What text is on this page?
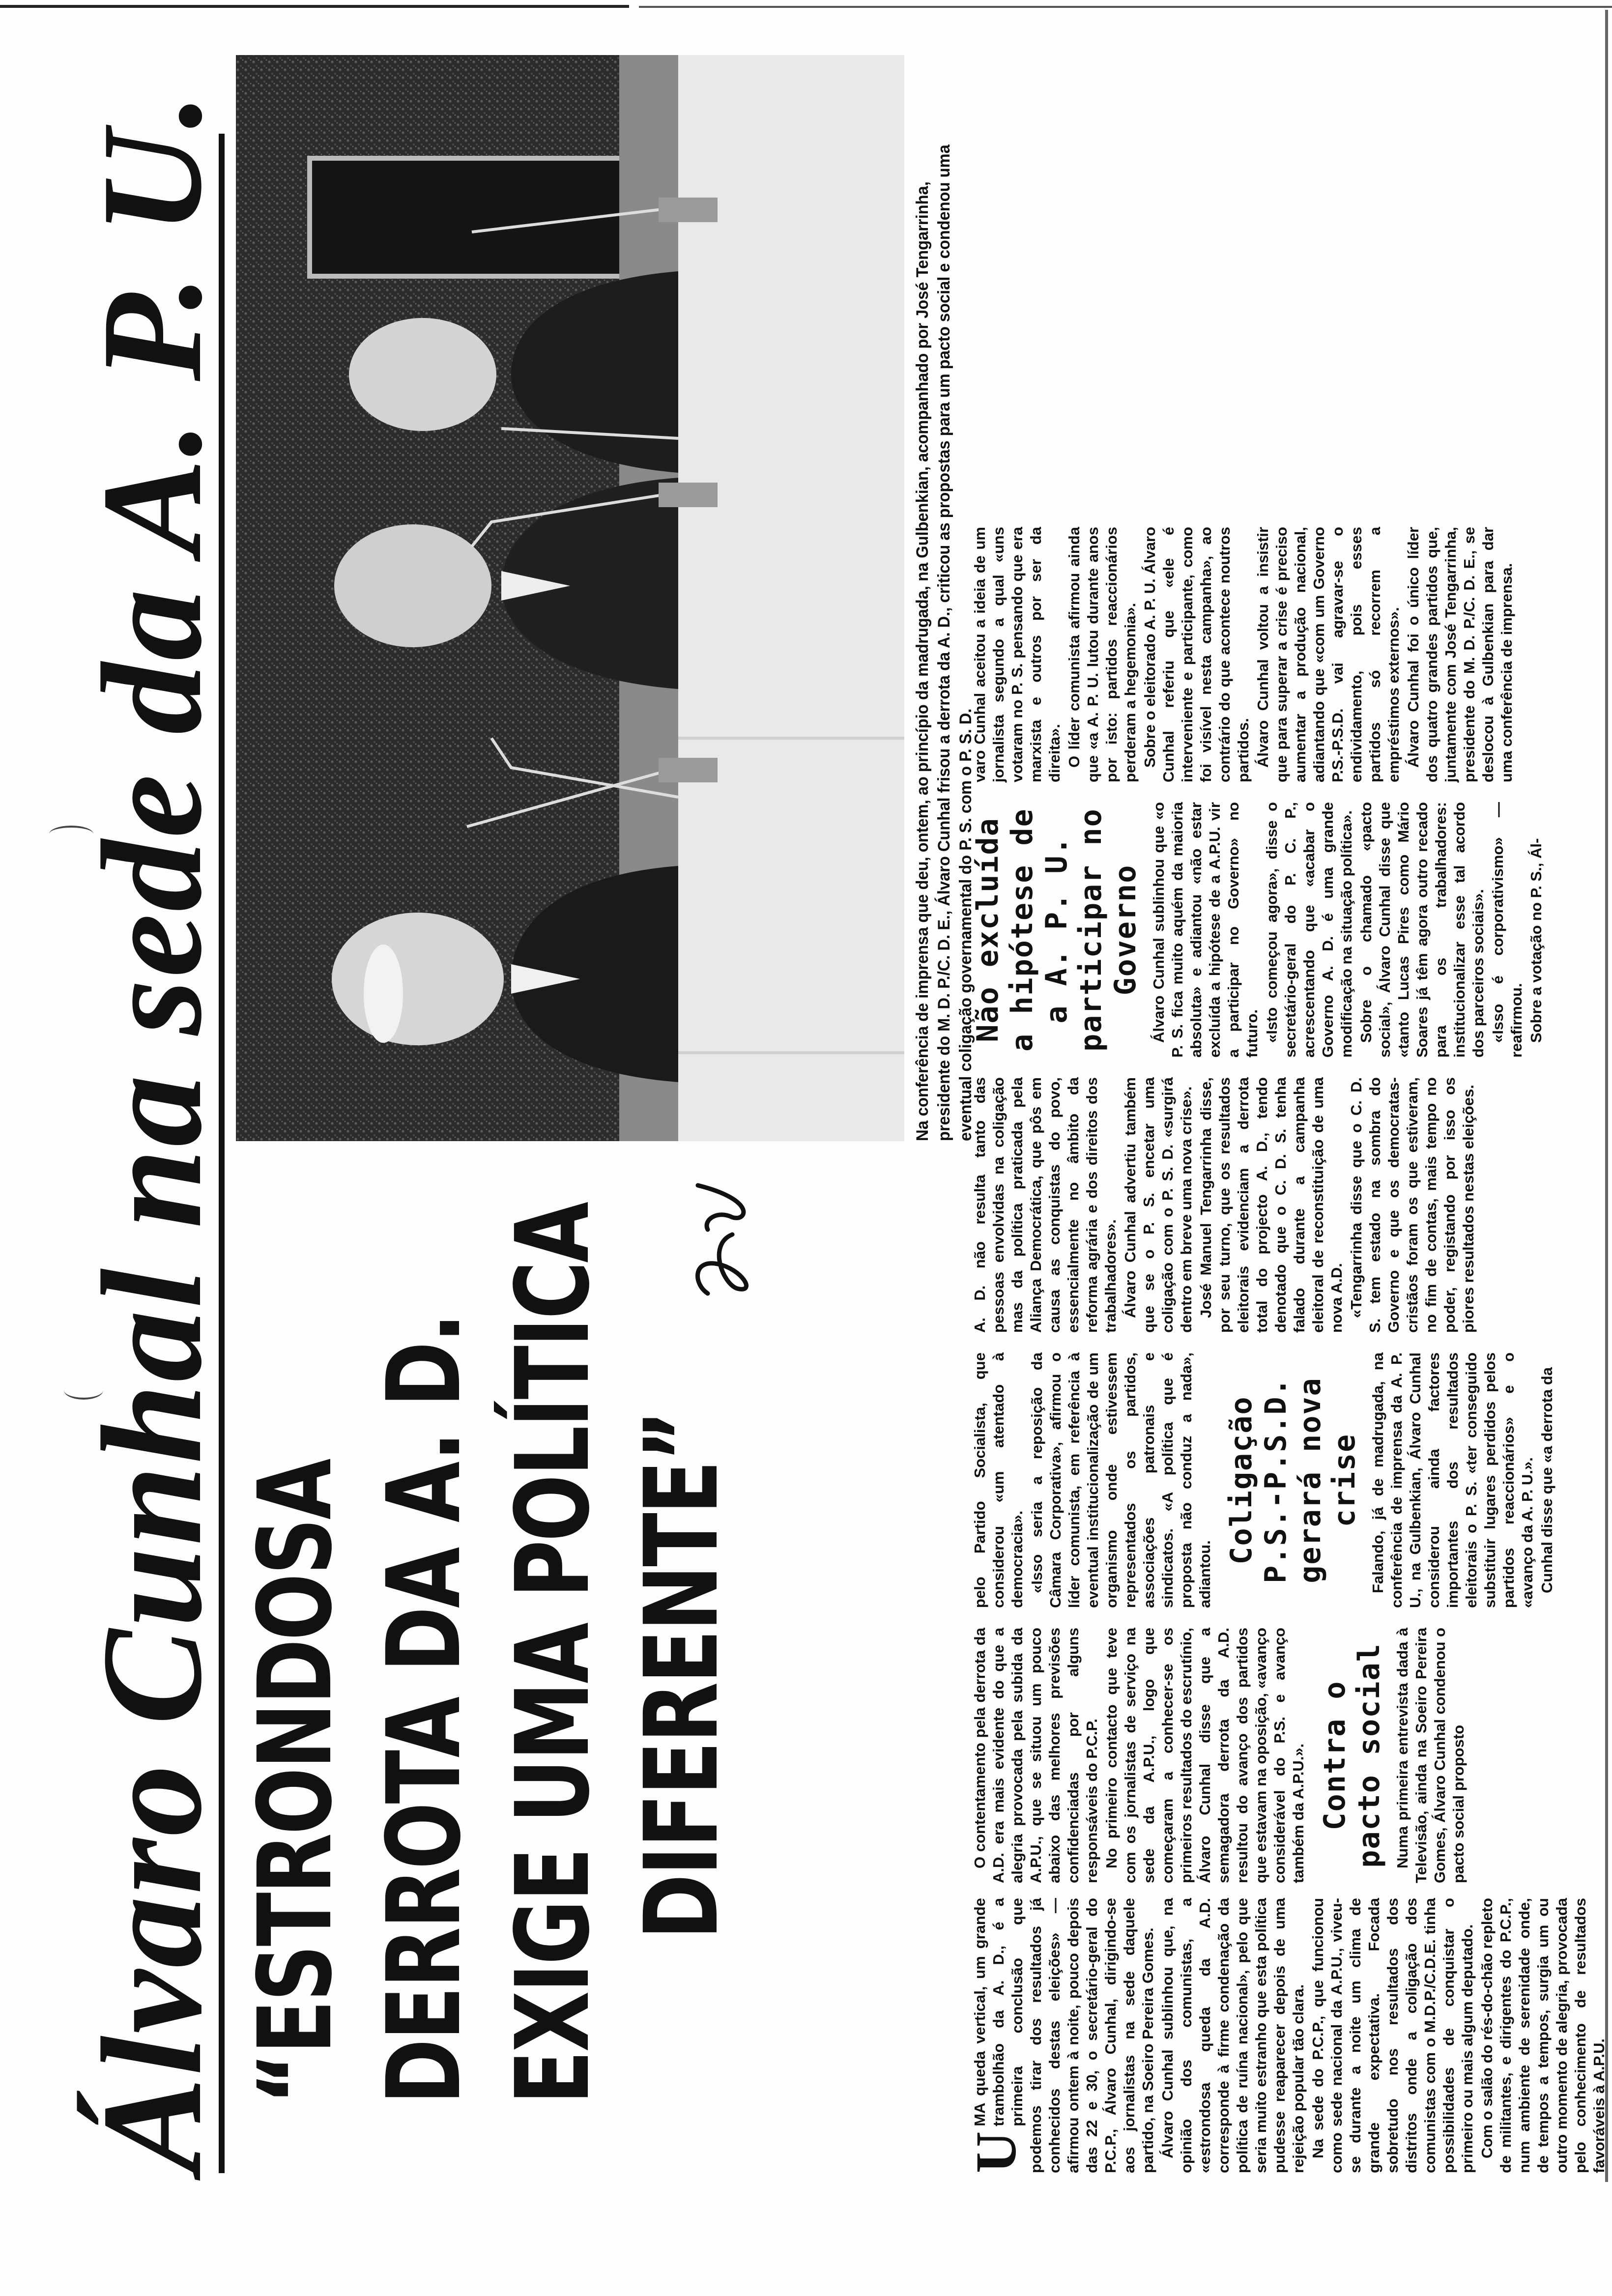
Álvaro Cunhal na sede da A. P. U. “ESTRONDOSA DERROTA DA A. D. EXIGE UMA POLÍTICA DIFERENTE”
Na conferência de imprensa que deu, ontem, ao princípio da madrugada, na Gulbenkian, acompanhado por José Tengarrinha, presidente do M. D. P./C. D. E., Álvaro Cunhal frisou a derrota da A. D., criticou as propostas para um pacto social e condenou uma eventual coligação governamental do P. S. com o P. S. D.

U
MA queda vertical, um grande trambolhão da A. D., é a primeira conclusão que podemos tirar dos resultados já conhecidos destas eleições» —afirmou ontem à noite, pouco depois das 22 e 30, o secretário-geral do P.C.P., Álvaro Cunhal, dirigindo-se aos jornalistas na sede daquele partido, na Soeiro Pereira Gomes. Álvaro Cunhal sublinhou que, na opinião dos comunistas, a «estrondosa queda da A.D. corresponde à firme condenação da política de ruína nacional», pelo que seria muito estranho que esta política pudesse reaparecer depois de uma rejeição popular tão clara. Na sede do P.C.P., que funcionou como sede nacional da A.P.U., viveu-se durante a noite um clima de grande expectativa. Focada sobretudo nos resultados dos distritos onde a coligação dos comunistas com o M.D.P./C.D.E. tinha possibilidades de conquistar o primeiro ou mais algum deputado. Com o salão do rés-do-chão repleto de militantes, e dirigentes do P.C.P., num ambiente de serenidade onde, de tempos a tempos, surgia um ou outro momento de alegria, provocada pelo conhecimento de resultados favoráveis à A.P.U.

O contentamento pela derrota da A.D. era mais evidente do que a alegria provocada pela subida da A.P.U., que se situou um pouco abaixo das melhores previsões confidenciadas por alguns responsáveis do P.C.P. No primeiro contacto que teve com os jornalistas de serviço na sede da A.P.U., logo que começaram a conhecer-se os primeiros resultados do escrutínio, Álvaro Cunhal disse que a semagadora derrota da A.D. resultou do avanço dos partidos que estavam na oposição, «avanço considerável do P.S. e avanço também da A.P.U.». Contra o pacto social Numa primeira entrevista dada à Televisão, ainda na Soeiro Pereira Gomes, Álvaro Cunhal condenou o pacto social proposto

pelo Partido Socialista, que considerou «um atentado à democracia». «Isso seria a reposição da Câmara Corporativa», afirmou o líder comunista, em referência à eventual institucionalização de um organismo onde estivessem representados os partidos, associações patronais e sindicatos. «A política que é proposta não conduz a nada», adiantou.

Coligação P.S.-P.S.D. gerará nova crise Falando, já de madrugada, na conferência de imprensa da A. P. U., na Gulbenkian, Álvaro Cunhal considerou ainda factores importantes dos resultados eleitorais o P. S. «ter conseguido substituir lugares perdidos pelos partidos reaccionários» e o «avanço da A. P. U.». Cunhal disse que «a derrota da

A. D. não resulta tanto das pessoas envolvidas na coligação mas da política praticada pela Aliança Democrática, que pôs em causa as conquistas do povo, essencialmente no âmbito da reforma agrária e dos direitos dos trabalhadores». Álvaro Cunhal advertiu também que se o P. S. encetar uma coligação com o P. S. D. «surgirá dentro em breve uma nova crise». José Manuel Tengarrinha disse, por seu turno, que os resultados eleitorais evidenciam a derrota total do projecto A. D., tendo denotado que o C. D. S. tenha falado durante a campanha eleitoral de reconstituição de uma nova A.D. «Tengarrinha disse que o C. D. S. tem estado na sombra do Governo e que os democratas-cristãos foram os que estiveram, no fim de contas, mais tempo no poder, registando por isso os piores resultados nestas eleições.

Não excluída a hipótese de a A. P. U. participar no Governo Álvaro Cunhal sublinhou que «o P. S. fica muito aquém da maioria absoluta» e adiantou «não estar excluída a hipótese de a A.P.U. vir a participar no Governo» no futuro. «Isto começou agora», disse o secretário-geral do P. C. P., acrescentando que «acabar o Governo A. D. é uma grande modificação na situação política». Sobre o chamado «pacto social», Álvaro Cunhal disse que «tanto Lucas Pires como Mário Soares já têm agora outro recado para os trabalhadores: institucionalizar esse tal acordo dos parceiros sociais». «Isso é corporativismo» — reafirmou. Sobre a votação no P. S., Ál-

varo Cunhal aceitou a ideia de um jornalista segundo a qual «uns votaram no P. S. pensando que era marxista e outros por ser da direita». O líder comunista afirmou ainda que «a A. P. U. lutou durante anos por isto: partidos reaccionários perderam a hegemonia». Sobre o eleitorado A. P. U. Álvaro Cunhal referiu que «ele é interveniente e participante, como foi visível nesta campanha», ao contrário do que acontece noutros partidos. Álvaro Cunhal voltou a insistir que para superar a crise é preciso aumentar a produção nacional, adiantando que «com um Governo P.S.-P.S.D. vai agravar-se o endividamento, pois esses partidos só recorrem a empréstimos externos». Álvaro Cunhal foi o único líder dos quatro grandes partidos que, juntamente com José Tengarrinha, presidente do M. D. P./C. D. E., se deslocou à Gulbenkian para dar uma conferência de imprensa.
